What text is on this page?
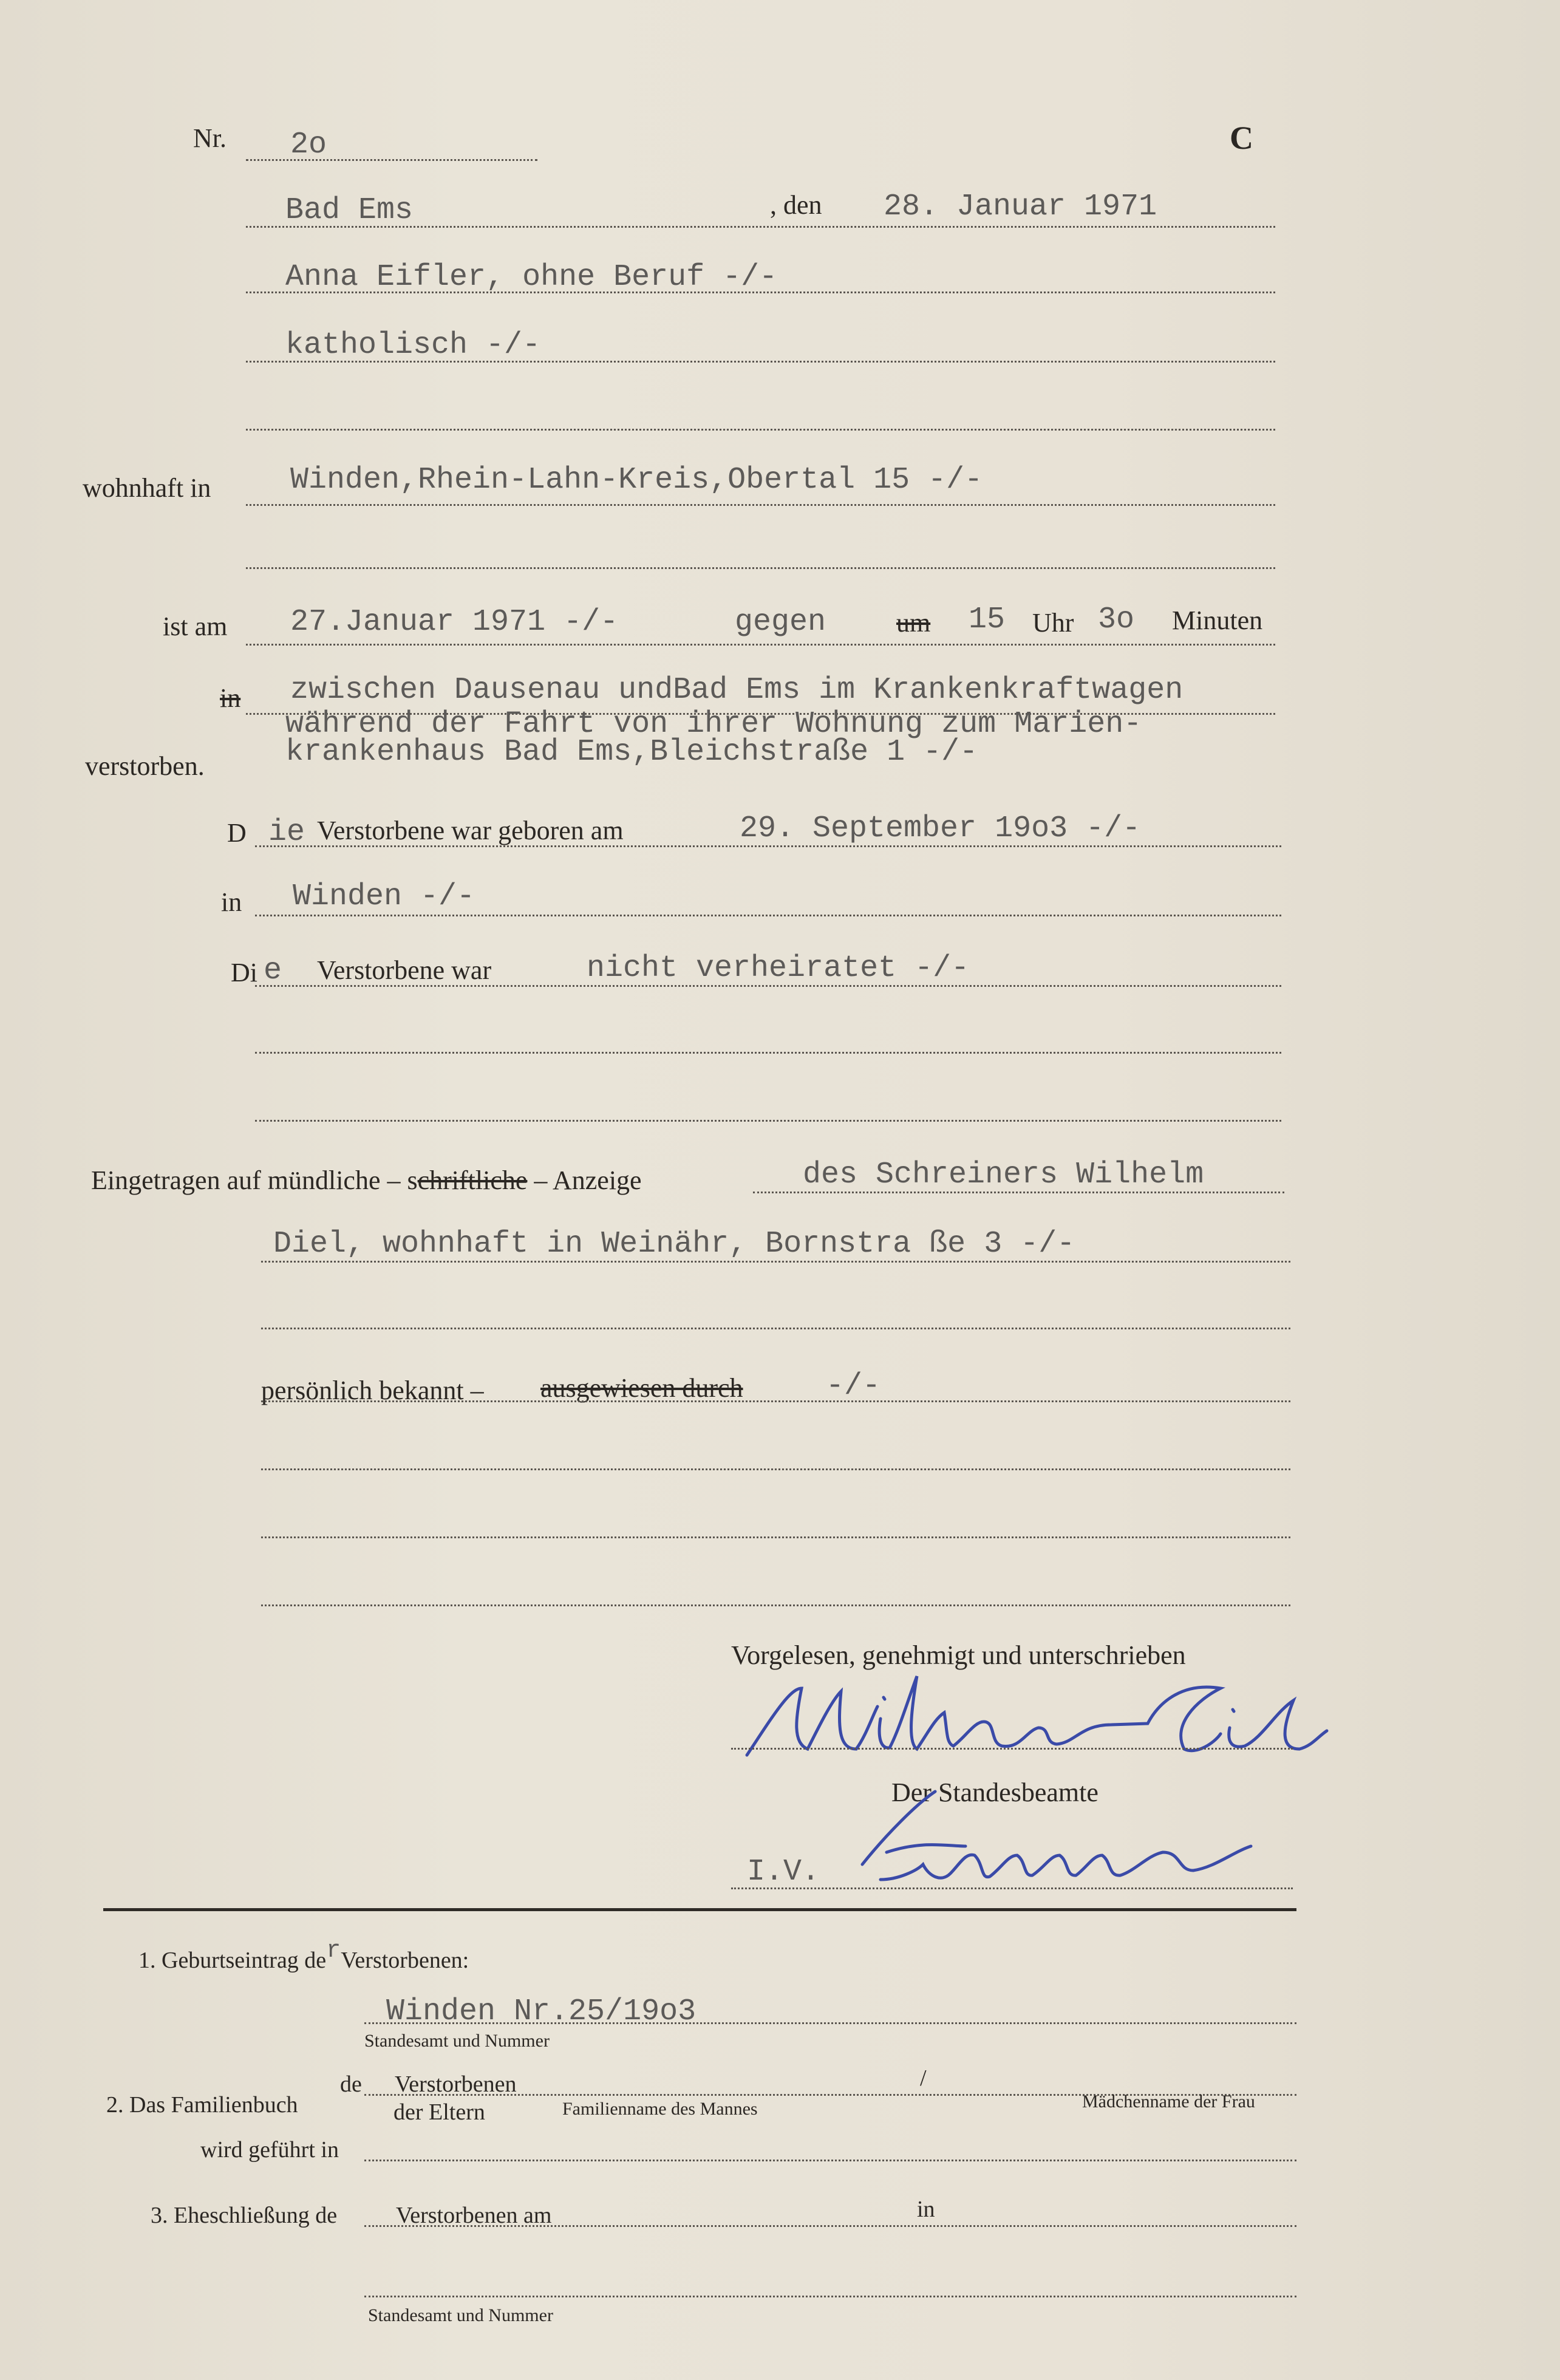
Nr. 2o	C
Bad Ems	, den 28. Januar 1971
Anna Eifler, ohne Beruf -/-
katholisch -/-
wohnhaft in	Winden,Rhein-Lahn-Kreis,Obertal 15 -/-
ist am 27.Januar 1971 -/-	gegen	um 15 Uhr 3o Minuten
in zwischen Dausenau undBad Ems im Krankenkraftwagen
während der Fahrt von ihrer Wohnung zum Marien-
krankenhaus Bad Ems,Bleichstraße 1 -/-
verstorben.
D ie Verstorbene war geboren am	29. September 19o3 -/-
in Winden -/-
Di e Verstorbene war	nicht verheiratet -/-
Eingetragen auf mündliche – schriftliche – Anzeige	des Schreiners Wilhelm
Diel, wohnhaft in Weinähr, Bornstra ße 3 -/-
persönlich bekannt – ausgewiesen durch	-/-
Vorgelesen, genehmigt und unterschrieben
Der Standesbeamte
I.V.
1. Geburtseintrag derVerstorbenen:
Winden Nr.25/19o3
Standesamt und Nummer
2. Das Familienbuch
de Verstorbenen	/
der Eltern	Familienname des Mannes	Mädchenname der Frau
wird geführt in
3. Eheschließung de	Verstorbenen am	in
Standesamt und Nummer
